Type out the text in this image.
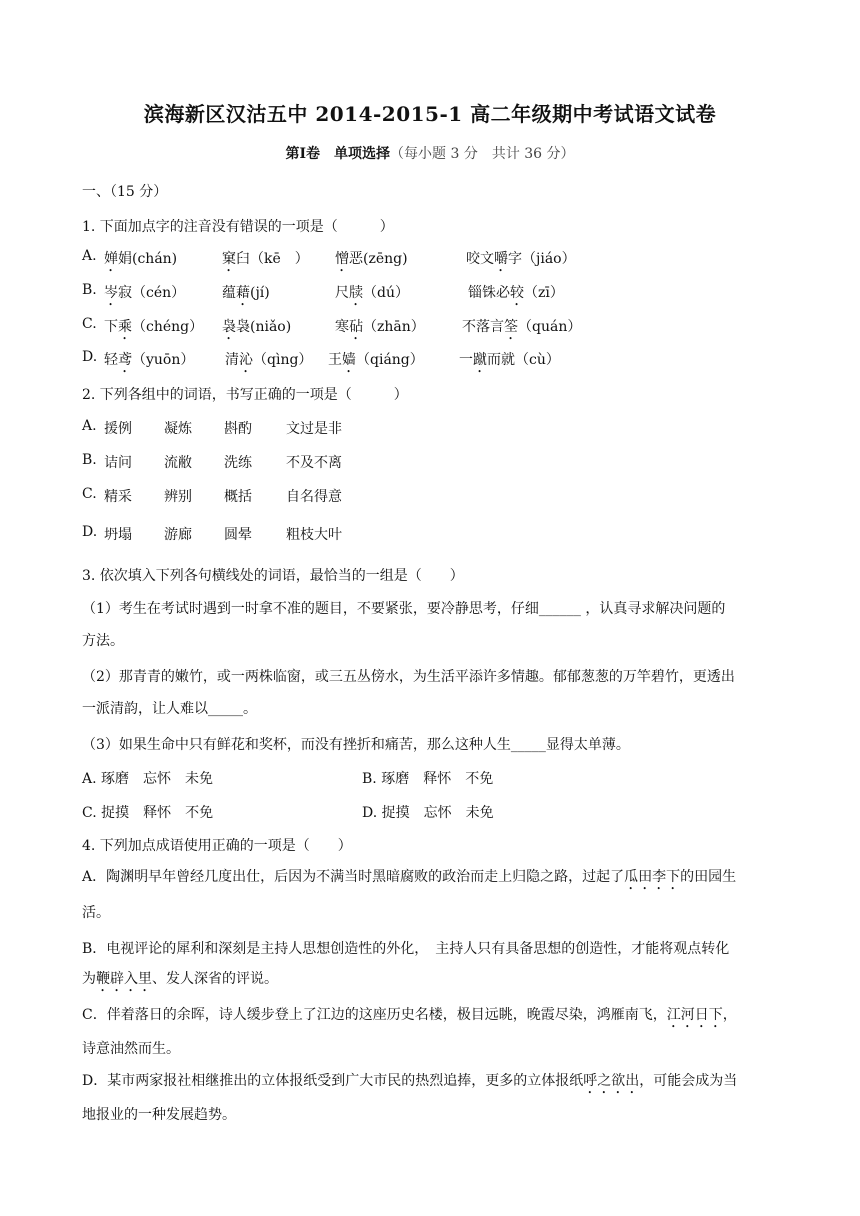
滨海新区汉沽五中 2014-2015-1 高二年级期中考试语文试卷
第Ⅰ卷　单项选择（每小题 3 分　共计 36 分）
一、（15 分）
1. 下面加点字的注音没有错误的一项是（　　　）
A. 婵娟(chán)	窠臼（kē　） 憎恶(zēng)	咬文嚼字（jiáo）
B. 岑寂（cén）	蕴藉(jí)	尺牍（dú）	锱铢必较（zī）
C. 下乘（chéng） 袅袅(niǎo)	寒砧（zhān）	不落言筌（quán）
D. 轻鸢（yuōn） 清沁（qìng） 王嫱（qiáng）	一蹴而就（cù）
2. 下列各组中的词语，书写正确的一项是（　　　）
A. 援例 凝炼 斟酌 文过是非
B. 诘问 流敝 洗练 不及不离
C. 精采 辨别 概括 自名得意
D. 坍塌 游廊 圆晕 粗枝大叶
3. 依次填入下列各句横线处的词语，最恰当的一组是（　　）
（1）考生在考试时遇到一时拿不准的题目，不要紧张，要冷静思考，仔细______ ，认真寻求解决问题的
方法。
（2）那青青的嫩竹，或一两株临窗，或三五丛傍水，为生活平添许多情趣。郁郁葱葱的万竿碧竹，更透出
一派清韵，让人难以_____。
（3）如果生命中只有鲜花和奖杯，而没有挫折和痛苦，那么这种人生_____显得太单薄。
A. 琢磨　忘怀　未免	B. 琢磨　释怀　不免
C. 捉摸　释怀　不免	D. 捉摸　忘怀　未免
4. 下列加点成语使用正确的一项是（　　）
A．陶渊明早年曾经几度出仕，后因为不满当时黑暗腐败的政治而走上归隐之路，过起了瓜田李下的田园生
活。
B．电视评论的犀利和深刻是主持人思想创造性的外化，　主持人只有具备思想的创造性，才能将观点转化
为鞭辟入里、发人深省的评说。
C．伴着落日的余晖，诗人缓步登上了江边的这座历史名楼，极目远眺，晚霞尽染，鸿雁南飞，江河日下，
诗意油然而生。
D．某市两家报社相继推出的立体报纸受到广大市民的热烈追捧，更多的立体报纸呼之欲出，可能会成为当
地报业的一种发展趋势。
